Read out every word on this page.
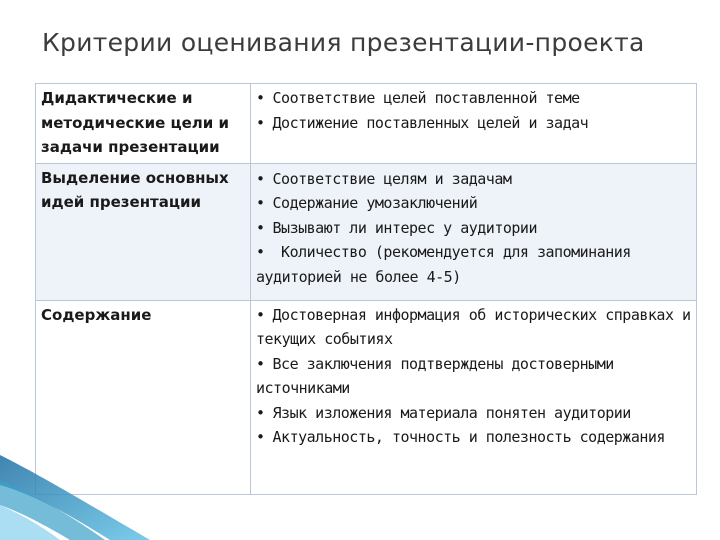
Критерии оценивания презентации-проекта
Дидактические и методические цели и задачи презентации	• Соответствие целей поставленной теме
• Достижение поставленных целей и задач

Выделение основных идей презентации	• Соответствие целям и задачам
• Содержание умозаключений
• Вызывают ли интерес у аудитории
• Количество (рекомендуется для запоминания аудиторией не более 4-5)

Содержание	• Достоверная информация об исторических справках и текущих событиях
• Все заключения подтверждены достоверными источниками
• Язык изложения материала понятен аудитории
• Актуальность, точность и полезность содержания
